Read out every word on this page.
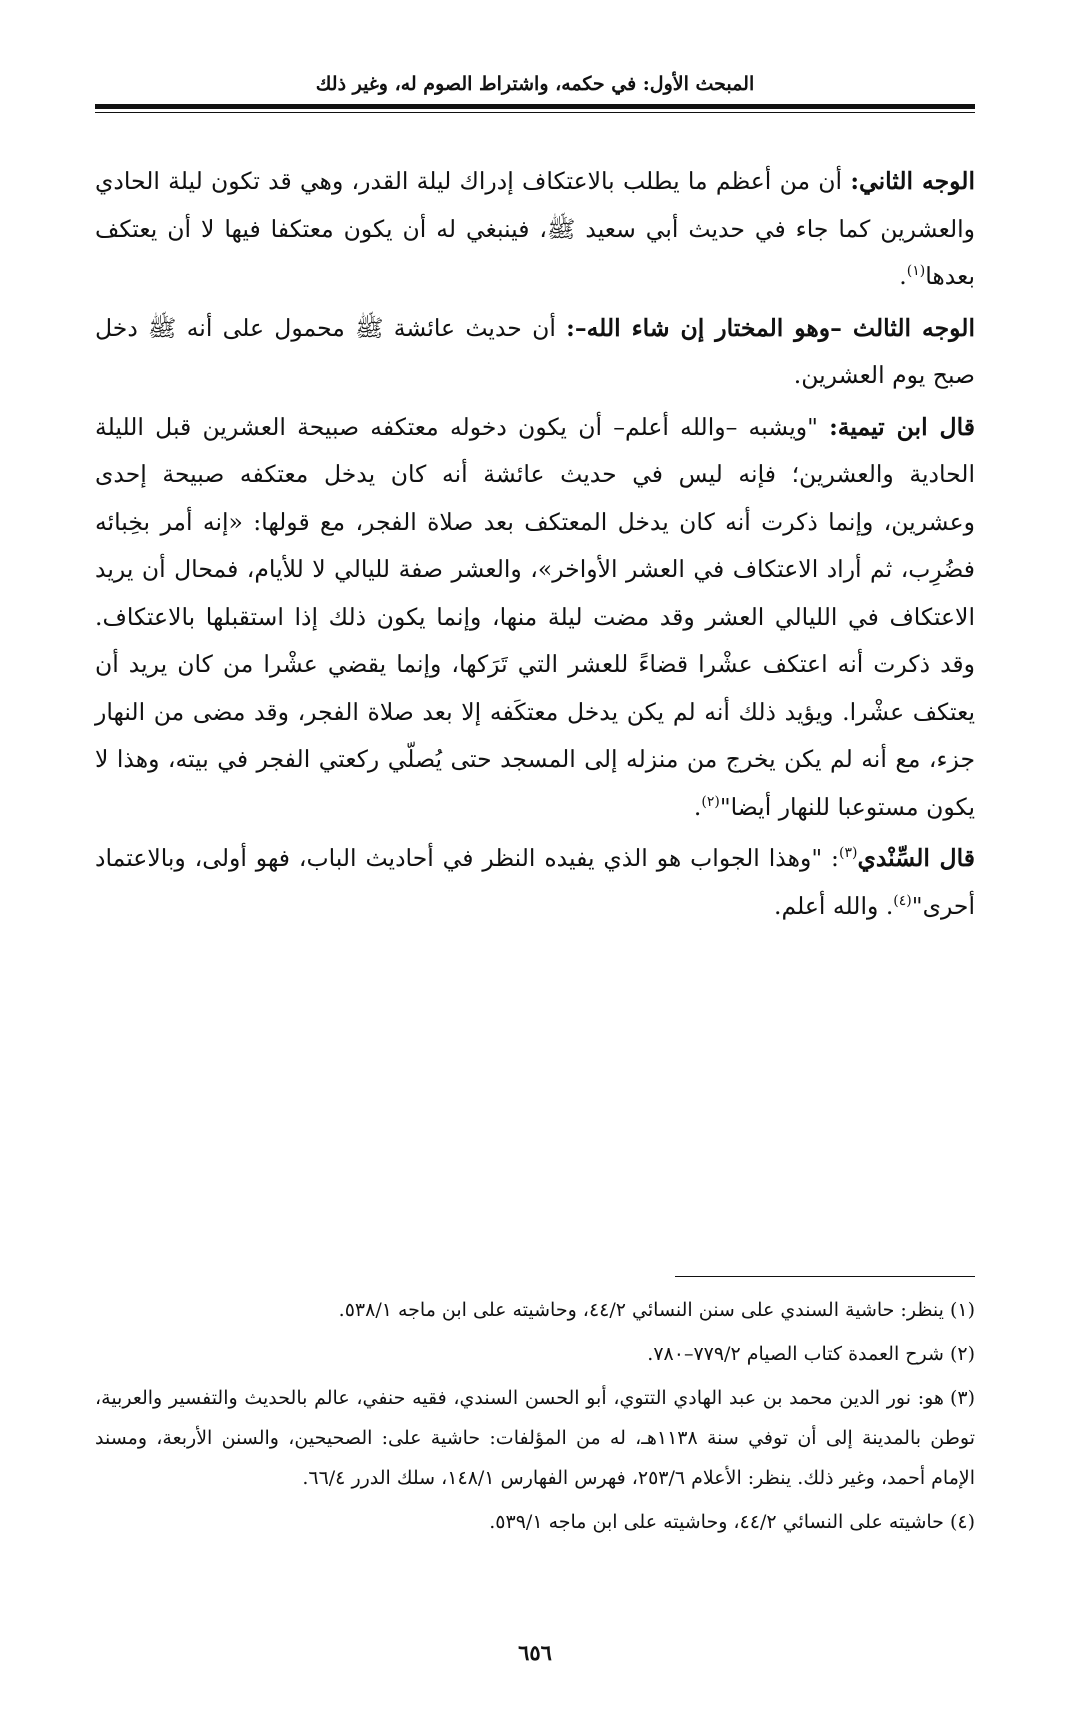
المبحث الأول: في حكمه، واشتراط الصوم له، وغير ذلك

الوجه الثاني: أن من أعظم ما يطلب بالاعتكاف إدراك ليلة القدر، وهي قد تكون ليلة الحادي والعشرين كما جاء في حديث أبي سعيد ﷺ، فينبغي له أن يكون معتكفا فيها لا أن يعتكف بعدها$^{(١)}$.

الوجه الثالث –وهو المختار إن شاء الله–: أن حديث عائشة ﷺ محمول على أنه ﷺ دخل صبح يوم العشرين.

قال ابن تيمية: "ويشبه –والله أعلم– أن يكون دخوله معتكفه صبيحة العشرين قبل الليلة الحادية والعشرين؛ فإنه ليس في حديث عائشة أنه كان يدخل معتكفه صبيحة إحدى وعشرين، وإنما ذكرت أنه كان يدخل المعتكف بعد صلاة الفجر، مع قولها: «إنه أمر بخِبائه فضُرِب، ثم أراد الاعتكاف في العشر الأواخر»، والعشر صفة لليالي لا للأيام، فمحال أن يريد الاعتكاف في الليالي العشر وقد مضت ليلة منها، وإنما يكون ذلك إذا استقبلها بالاعتكاف. وقد ذكرت أنه اعتكف عشْرا قضاءً للعشر التي تَرَكها، وإنما يقضي عشْرا من كان يريد أن يعتكف عشْرا. ويؤيد ذلك أنه لم يكن يدخل معتكَفه إلا بعد صلاة الفجر، وقد مضى من النهار جزء، مع أنه لم يكن يخرج من منزله إلى المسجد حتى يُصلّي ركعتي الفجر في بيته، وهذا لا يكون مستوعبا للنهار أيضا"$^{(٢)}$.

قال السِّنْدي$^{(٣)}$: "وهذا الجواب هو الذي يفيده النظر في أحاديث الباب، فهو أولى، وبالاعتماد أحرى"$^{(٤)}$. والله أعلم.

(١)ينظر: حاشية السندي على سنن النسائي ٤٤/٢، وحاشيته على ابن ماجه ٥٣٨/١.

(٢)شرح العمدة كتاب الصيام ٧٧٩/٢–٧٨٠.

(٣)هو: نور الدين محمد بن عبد الهادي التتوي، أبو الحسن السندي، فقيه حنفي، عالم بالحديث والتفسير والعربية، توطن بالمدينة إلى أن توفي سنة ١١٣٨هـ، له من المؤلفات: حاشية على: الصحيحين، والسنن الأربعة، ومسند الإمام أحمد، وغير ذلك. ينظر: الأعلام ٢٥٣/٦، فهرس الفهارس ١٤٨/١، سلك الدرر ٦٦/٤.

(٤)حاشيته على النسائي ٤٤/٢، وحاشيته على ابن ماجه ٥٣٩/١.

٦٥٦
